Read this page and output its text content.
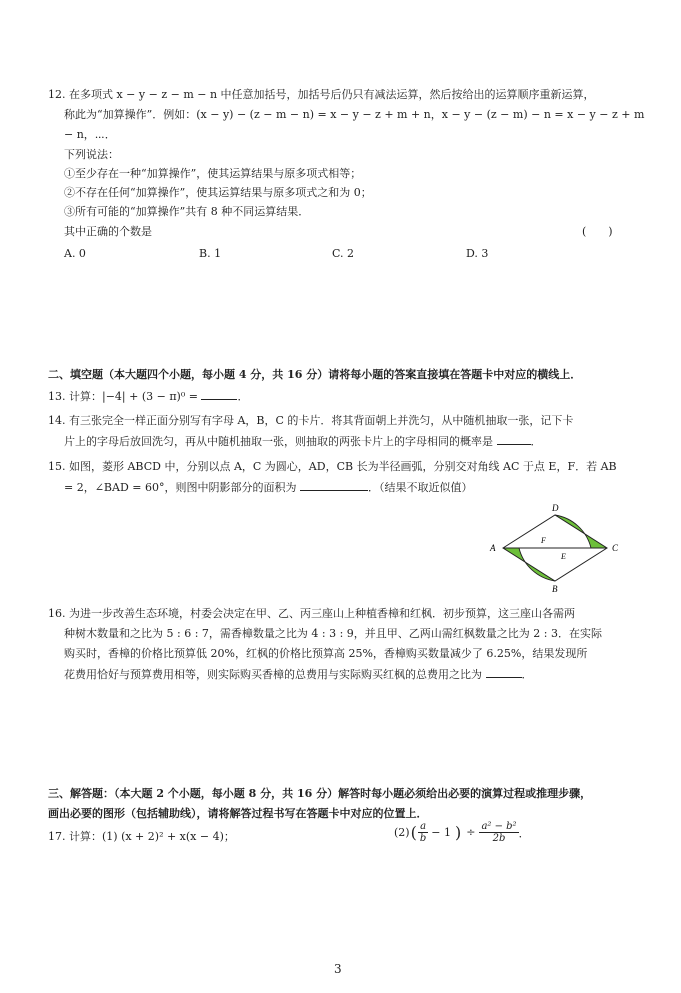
12. 在多项式 x − y − z − m − n 中任意加括号，加括号后仍只有减法运算，然后按给出的运算顺序重新运算，
称此为“加算操作”．例如：(x − y) − (z − m − n) = x − y − z + m + n，x − y − (z − m) − n = x − y − z + m
− n，⋯．
下列说法：
①至少存在一种“加算操作”，使其运算结果与原多项式相等；
②不存在任何“加算操作”，使其运算结果与原多项式之和为 0；
③所有可能的“加算操作”共有 8 种不同运算结果．
其中正确的个数是	(　　)
A. 0	B. 1	C. 2	D. 3
二、填空题（本大题四个小题，每小题 4 分，共 16 分）请将每小题的答案直接填在答题卡中对应的横线上．
13. 计算：|−4| + (3 − π)⁰ =	．
14. 有三张完全一样正面分别写有字母 A，B，C 的卡片．将其背面朝上并洗匀，从中随机抽取一张，记下卡
片上的字母后放回洗匀，再从中随机抽取一张，则抽取的两张卡片上的字母相同的概率是	．
15. 如图，菱形 ABCD 中，分别以点 A，C 为圆心，AD，CB 长为半径画弧，分别交对角线 AC 于点 E，F．若 AB
= 2，∠BAD = 60°，则图中阴影部分的面积为	．（结果不取近似值）
A
D
C
B
F
E
16. 为进一步改善生态环境，村委会决定在甲、乙、丙三座山上种植香樟和红枫．初步预算，这三座山各需两
种树木数量和之比为 5 : 6 : 7，需香樟数量之比为 4 : 3 : 9，并且甲、乙两山需红枫数量之比为 2 : 3．在实际
购买时，香樟的价格比预算低 20%，红枫的价格比预算高 25%，香樟购买数量减少了 6.25%，结果发现所
花费用恰好与预算费用相等，则实际购买香樟的总费用与实际购买红枫的总费用之比为	．
三、解答题：（本大题 2 个小题，每小题 8 分，共 16 分）解答时每小题必须给出必要的演算过程或推理步骤，
画出必要的图形（包括辅助线），请将解答过程书写在答题卡中对应的位置上．
17. 计算：(1) (x + 2)² + x(x − 4)；	(2) ( $\frac{a}{b} - 1$ ) ÷ $\frac{\text{a² − b²}}{2b}$ ．
3
